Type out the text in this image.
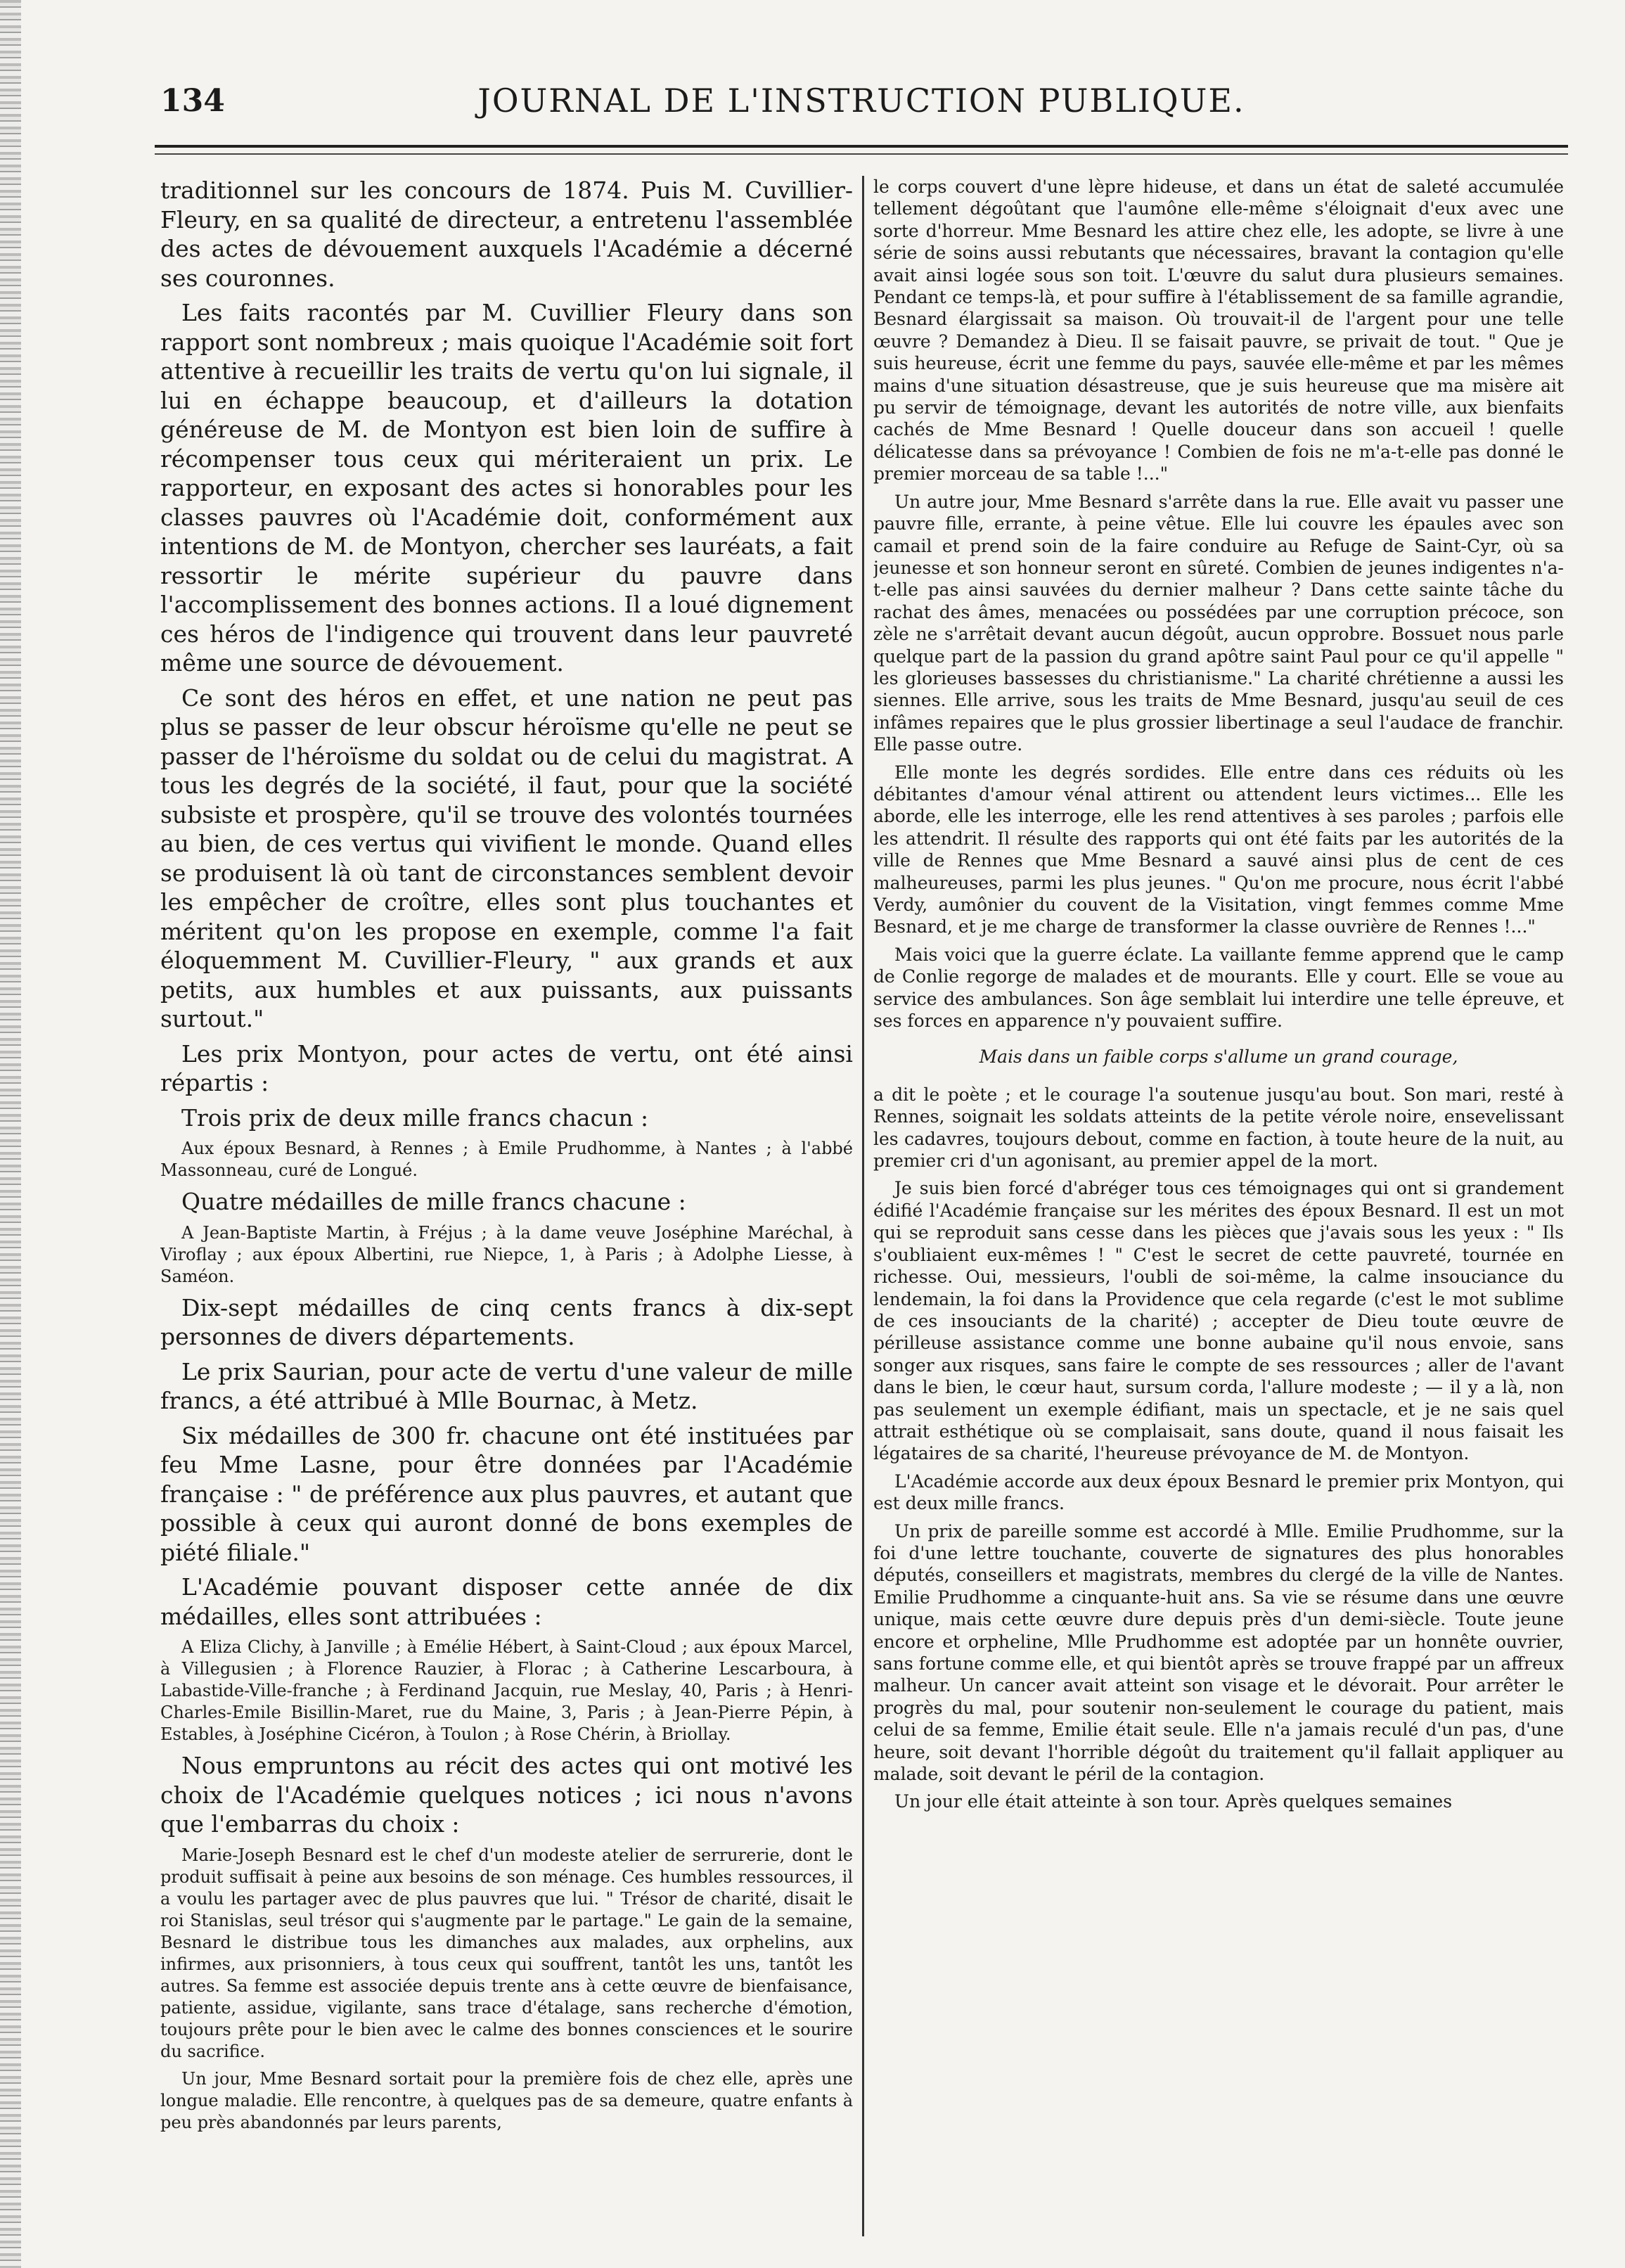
134	JOURNAL DE L'INSTRUCTION PUBLIQUE.

traditionnel sur les concours de 1874. Puis M. Cuvillier-Fleury, en sa qualité de directeur, a entretenu l'assemblée des actes de dévouement auxquels l'Académie a décerné ses couronnes.

Les faits racontés par M. Cuvillier Fleury dans son rapport sont nombreux ; mais quoique l'Académie soit fort attentive à recueillir les traits de vertu qu'on lui signale, il lui en échappe beaucoup, et d'ailleurs la dotation généreuse de M. de Montyon est bien loin de suffire à récompenser tous ceux qui mériteraient un prix. Le rapporteur, en exposant des actes si honorables pour les classes pauvres où l'Académie doit, conformément aux intentions de M. de Montyon, chercher ses lauréats, a fait ressortir le mérite supérieur du pauvre dans l'accomplissement des bonnes actions. Il a loué dignement ces héros de l'indigence qui trouvent dans leur pauvreté même une source de dévouement.

Ce sont des héros en effet, et une nation ne peut pas plus se passer de leur obscur héroïsme qu'elle ne peut se passer de l'héroïsme du soldat ou de celui du magistrat. A tous les degrés de la société, il faut, pour que la société subsiste et prospère, qu'il se trouve des volontés tournées au bien, de ces vertus qui vivifient le monde. Quand elles se produisent là où tant de circonstances semblent devoir les empêcher de croître, elles sont plus touchantes et méritent qu'on les propose en exemple, comme l'a fait éloquemment M. Cuvillier-Fleury, " aux grands et aux petits, aux humbles et aux puissants, aux puissants surtout."

Les prix Montyon, pour actes de vertu, ont été ainsi répartis :

Trois prix de deux mille francs chacun :

Aux époux Besnard, à Rennes ; à Emile Prudhomme, à Nantes ; à l'abbé Massonneau, curé de Longué.

Quatre médailles de mille francs chacune :

A Jean-Baptiste Martin, à Fréjus ; à la dame veuve Joséphine Maréchal, à Viroflay ; aux époux Albertini, rue Niepce, 1, à Paris ; à Adolphe Liesse, à Saméon.

Dix-sept médailles de cinq cents francs à dix-sept personnes de divers départements.

Le prix Saurian, pour acte de vertu d'une valeur de mille francs, a été attribué à Mlle Bournac, à Metz.

Six médailles de 300 fr. chacune ont été instituées par feu Mme Lasne, pour être données par l'Académie française : " de préférence aux plus pauvres, et autant que possible à ceux qui auront donné de bons exemples de piété filiale."

L'Académie pouvant disposer cette année de dix médailles, elles sont attribuées :

A Eliza Clichy, à Janville ; à Emélie Hébert, à Saint-Cloud ; aux époux Marcel, à Villegusien ; à Florence Rauzier, à Florac ; à Catherine Lescarboura, à Labastide-Ville-franche ; à Ferdinand Jacquin, rue Meslay, 40, Paris ; à Henri-Charles-Emile Bisillin-Maret, rue du Maine, 3, Paris ; à Jean-Pierre Pépin, à Estables, à Joséphine Cicéron, à Toulon ; à Rose Chérin, à Briollay.

Nous empruntons au récit des actes qui ont motivé les choix de l'Académie quelques notices ; ici nous n'avons que l'embarras du choix :

Marie-Joseph Besnard est le chef d'un modeste atelier de serrurerie, dont le produit suffisait à peine aux besoins de son ménage. Ces humbles ressources, il a voulu les partager avec de plus pauvres que lui. " Trésor de charité, disait le roi Stanislas, seul trésor qui s'augmente par le partage." Le gain de la semaine, Besnard le distribue tous les dimanches aux malades, aux orphelins, aux infirmes, aux prisonniers, à tous ceux qui souffrent, tantôt les uns, tantôt les autres. Sa femme est associée depuis trente ans à cette œuvre de bienfaisance, patiente, assidue, vigilante, sans trace d'étalage, sans recherche d'émotion, toujours prête pour le bien avec le calme des bonnes consciences et le sourire du sacrifice.

Un jour, Mme Besnard sortait pour la première fois de chez elle, après une longue maladie. Elle rencontre, à quelques pas de sa demeure, quatre enfants à peu près abandonnés par leurs parents,

le corps couvert d'une lèpre hideuse, et dans un état de saleté accumulée tellement dégoûtant que l'aumône elle-même s'éloignait d'eux avec une sorte d'horreur. Mme Besnard les attire chez elle, les adopte, se livre à une série de soins aussi rebutants que nécessaires, bravant la contagion qu'elle avait ainsi logée sous son toit. L'œuvre du salut dura plusieurs semaines. Pendant ce temps-là, et pour suffire à l'établissement de sa famille agrandie, Besnard élargissait sa maison. Où trouvait-il de l'argent pour une telle œuvre ? Demandez à Dieu. Il se faisait pauvre, se privait de tout. " Que je suis heureuse, écrit une femme du pays, sauvée elle-même et par les mêmes mains d'une situation désastreuse, que je suis heureuse que ma misère ait pu servir de témoignage, devant les autorités de notre ville, aux bienfaits cachés de Mme Besnard ! Quelle douceur dans son accueil ! quelle délicatesse dans sa prévoyance ! Combien de fois ne m'a-t-elle pas donné le premier morceau de sa table !..."

Un autre jour, Mme Besnard s'arrête dans la rue. Elle avait vu passer une pauvre fille, errante, à peine vêtue. Elle lui couvre les épaules avec son camail et prend soin de la faire conduire au Refuge de Saint-Cyr, où sa jeunesse et son honneur seront en sûreté. Combien de jeunes indigentes n'a-t-elle pas ainsi sauvées du dernier malheur ? Dans cette sainte tâche du rachat des âmes, menacées ou possédées par une corruption précoce, son zèle ne s'arrêtait devant aucun dégoût, aucun opprobre. Bossuet nous parle quelque part de la passion du grand apôtre saint Paul pour ce qu'il appelle " les glorieuses bassesses du christianisme." La charité chrétienne a aussi les siennes. Elle arrive, sous les traits de Mme Besnard, jusqu'au seuil de ces infâmes repaires que le plus grossier libertinage a seul l'audace de franchir. Elle passe outre.

Elle monte les degrés sordides. Elle entre dans ces réduits où les débitantes d'amour vénal attirent ou attendent leurs victimes... Elle les aborde, elle les interroge, elle les rend attentives à ses paroles ; parfois elle les attendrit. Il résulte des rapports qui ont été faits par les autorités de la ville de Rennes que Mme Besnard a sauvé ainsi plus de cent de ces malheureuses, parmi les plus jeunes. " Qu'on me procure, nous écrit l'abbé Verdy, aumônier du couvent de la Visitation, vingt femmes comme Mme Besnard, et je me charge de transformer la classe ouvrière de Rennes !..."

Mais voici que la guerre éclate. La vaillante femme apprend que le camp de Conlie regorge de malades et de mourants. Elle y court. Elle se voue au service des ambulances. Son âge semblait lui interdire une telle épreuve, et ses forces en apparence n'y pouvaient suffire.

Mais dans un faible corps s'allume un grand courage,

a dit le poète ; et le courage l'a soutenue jusqu'au bout. Son mari, resté à Rennes, soignait les soldats atteints de la petite vérole noire, ensevelissant les cadavres, toujours debout, comme en faction, à toute heure de la nuit, au premier cri d'un agonisant, au premier appel de la mort.

Je suis bien forcé d'abréger tous ces témoignages qui ont si grandement édifié l'Académie française sur les mérites des époux Besnard. Il est un mot qui se reproduit sans cesse dans les pièces que j'avais sous les yeux : " Ils s'oubliaient eux-mêmes ! " C'est le secret de cette pauvreté, tournée en richesse. Oui, messieurs, l'oubli de soi-même, la calme insouciance du lendemain, la foi dans la Providence que cela regarde (c'est le mot sublime de ces insouciants de la charité) ; accepter de Dieu toute œuvre de périlleuse assistance comme une bonne aubaine qu'il nous envoie, sans songer aux risques, sans faire le compte de ses ressources ; aller de l'avant dans le bien, le cœur haut, sursum corda, l'allure modeste ; — il y a là, non pas seulement un exemple édifiant, mais un spectacle, et je ne sais quel attrait esthétique où se complaisait, sans doute, quand il nous faisait les légataires de sa charité, l'heureuse prévoyance de M. de Montyon.

L'Académie accorde aux deux époux Besnard le premier prix Montyon, qui est deux mille francs.

Un prix de pareille somme est accordé à Mlle. Emilie Prudhomme, sur la foi d'une lettre touchante, couverte de signatures des plus honorables députés, conseillers et magistrats, membres du clergé de la ville de Nantes. Emilie Prudhomme a cinquante-huit ans. Sa vie se résume dans une œuvre unique, mais cette œuvre dure depuis près d'un demi-siècle. Toute jeune encore et orpheline, Mlle Prudhomme est adoptée par un honnête ouvrier, sans fortune comme elle, et qui bientôt après se trouve frappé par un affreux malheur. Un cancer avait atteint son visage et le dévorait. Pour arrêter le progrès du mal, pour soutenir non-seulement le courage du patient, mais celui de sa femme, Emilie était seule. Elle n'a jamais reculé d'un pas, d'une heure, soit devant l'horrible dégoût du traitement qu'il fallait appliquer au malade, soit devant le péril de la contagion.

Un jour elle était atteinte à son tour. Après quelques semaines
